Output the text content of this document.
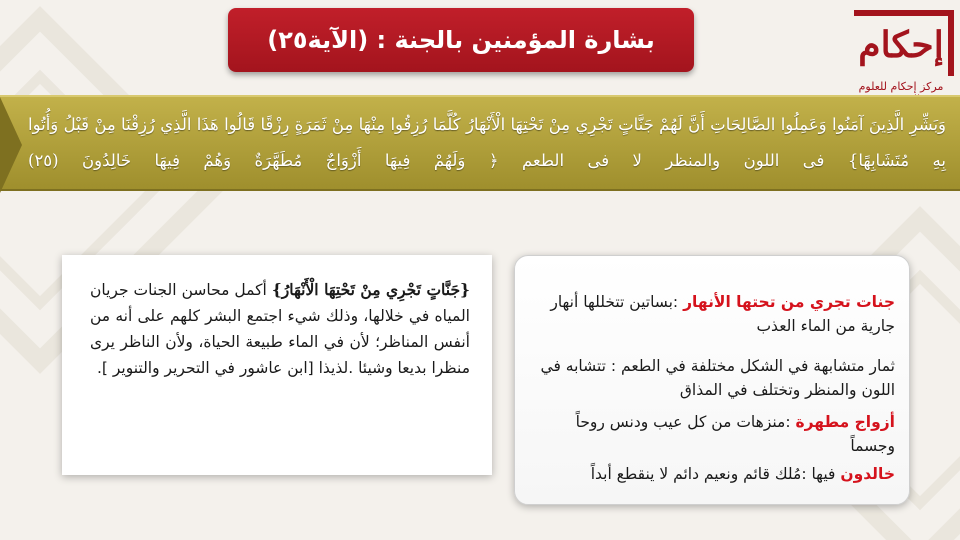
بشارة المؤمنين بالجنة : (الآية٢٥)	إحكام
مركز إحكام للعلوم
وَبَشِّرِ الَّذِينَ آمَنُوا وَعَمِلُوا الصَّالِحَاتِ أَنَّ لَهُمْ جَنَّاتٍ تَجْرِي مِنْ تَحْتِهَا الْأَنْهَارُ كُلَّمَا رُزِقُوا مِنْهَا مِنْ ثَمَرَةٍ رِزْقًا قَالُوا هَذَا الَّذِي رُزِقْنَا مِنْ قَبْلُ وَأُتُوا بِهِ مُتَشَابِهًا} فى اللون والمنظر لا فى الطعم ﴿ وَلَهُمْ فِيهَا أَزْوَاجٌ مُطَهَّرَةٌ وَهُمْ فِيهَا خَالِدُونَ (٢٥)
{جَنَّاتٍ تَجْرِي مِنْ تَحْتِهَا الْأَنْهَارُ} أكمل محاسن الجنات جريان المياه في خلالها، وذلك شيء اجتمع البشر كلهم على أنه من أنفس المناظر؛ لأن في الماء طبيعة الحياة، ولأن الناظر يرى منظرا بديعا وشيئا .لذيذا [ابن عاشور في التحرير والتنوير ].
جنات تجري من تحتها الأنهار :بساتين تتخللها أنهار جارية من الماء العذب
ثمار متشابهة في الشكل مختلفة في الطعم : تتشابه في اللون والمنظر وتختلف في المذاق
أزواج مطهرة :منزهات من كل عيب ودنس روحاً وجسماً
خالدون فيها :مُلك قائم ونعيم دائم لا ينقطع أبداً
